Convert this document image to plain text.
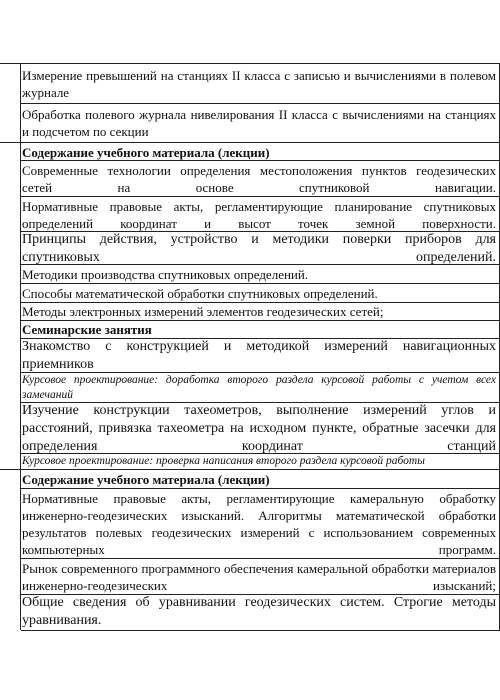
Измерение превышений на станциях II класса с записью и вычислениями в полевом журнале
Обработка полевого журнала нивелирования II класса с вычислениями на станциях и подсчетом по секции
Содержание учебного материала (лекции)
Современные технологии определения местоположения пунктов геодезических сетей на основе спутниковой навигации.
Нормативные правовые акты, регламентирующие планирование спутниковых определений координат и высот точек земной поверхности.
Принципы действия, устройство и методики поверки приборов для спутниковых определений.
Методики производства спутниковых определений.
Способы математической обработки спутниковых определений.
Методы электронных измерений элементов геодезических сетей;
Семинарские занятия
Знакомство с конструкцией и методикой измерений навигационных приемников
Курсовое проектирование: доработка второго раздела курсовой работы с учетом всех замечаний
Изучение конструкции тахеометров, выполнение измерений углов и расстояний, привязка тахеометра на исходном пункте, обратные засечки для определения координат станций
Курсовое проектирование: проверка написания второго раздела курсовой работы
Содержание учебного материала (лекции)
Нормативные правовые акты, регламентирующие камеральную обработку инженерно-геодезических изысканий. Алгоритмы математической обработки результатов полевых геодезических измерений с использованием современных компьютерных программ.
Рынок современного программного обеспечения камеральной обработки материалов инженерно-геодезических изысканий;
Общие сведения об уравнивании геодезических систем. Строгие методы уравнивания.
